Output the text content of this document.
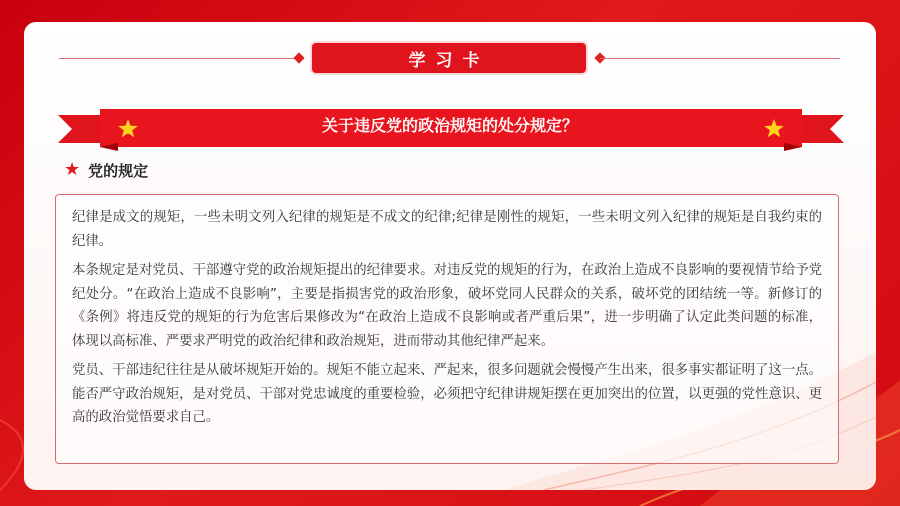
学习卡
关于违反党的政治规矩的处分规定？
★ 党的规定

纪律是成文的规矩，一些未明文列入纪律的规矩是不成文的纪律;纪律是刚性的规矩，一些未明文列入纪律的规矩是自我约束的纪律。

本条规定是对党员、干部遵守党的政治规矩提出的纪律要求。对违反党的规矩的行为，在政治上造成不良影响的要视情节给予党纪处分。“在政治上造成不良影响”，主要是指损害党的政治形象，破坏党同人民群众的关系，破坏党的团结统一等。新修订的《条例》将违反党的规矩的行为危害后果修改为“在政治上造成不良影响或者严重后果”，进一步明确了认定此类问题的标准，体现以高标准、严要求严明党的政治纪律和政治规矩，进而带动其他纪律严起来。

党员、干部违纪往往是从破坏规矩开始的。规矩不能立起来、严起来，很多问题就会慢慢产生出来，很多事实都证明了这一点。能否严守政治规矩，是对党员、干部对党忠诚度的重要检验，必须把守纪律讲规矩摆在更加突出的位置，以更强的党性意识、更高的政治觉悟要求自己。
